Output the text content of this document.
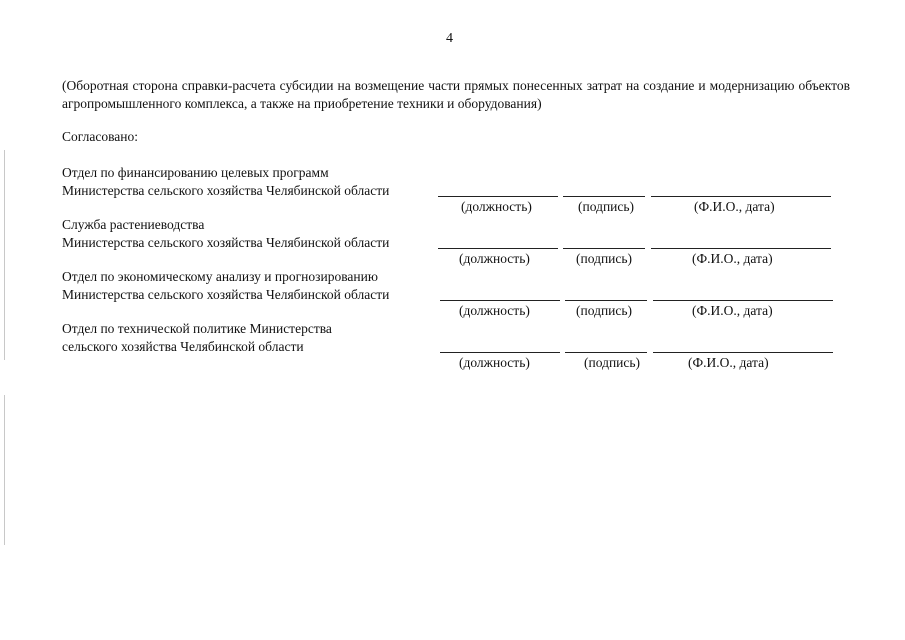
4
(Оборотная сторона справки-расчета субсидии на возмещение части прямых понесенных затрат на создание и модернизацию объектов агропромышленного комплекса, а также на приобретение техники и оборудования)
Согласовано:
Отдел по финансированию целевых программ
Министерства сельского хозяйства Челябинской области
(должность)	(подпись)	(Ф.И.О., дата)
Служба растениеводства
Министерства сельского хозяйства Челябинской области
(должность)	(подпись)	(Ф.И.О., дата)
Отдел по экономическому анализу и прогнозированию
Министерства сельского хозяйства Челябинской области
(должность)	(подпись)	(Ф.И.О., дата)
Отдел по технической политике Министерства
сельского хозяйства Челябинской области
(должность)	(подпись)	(Ф.И.О., дата)
